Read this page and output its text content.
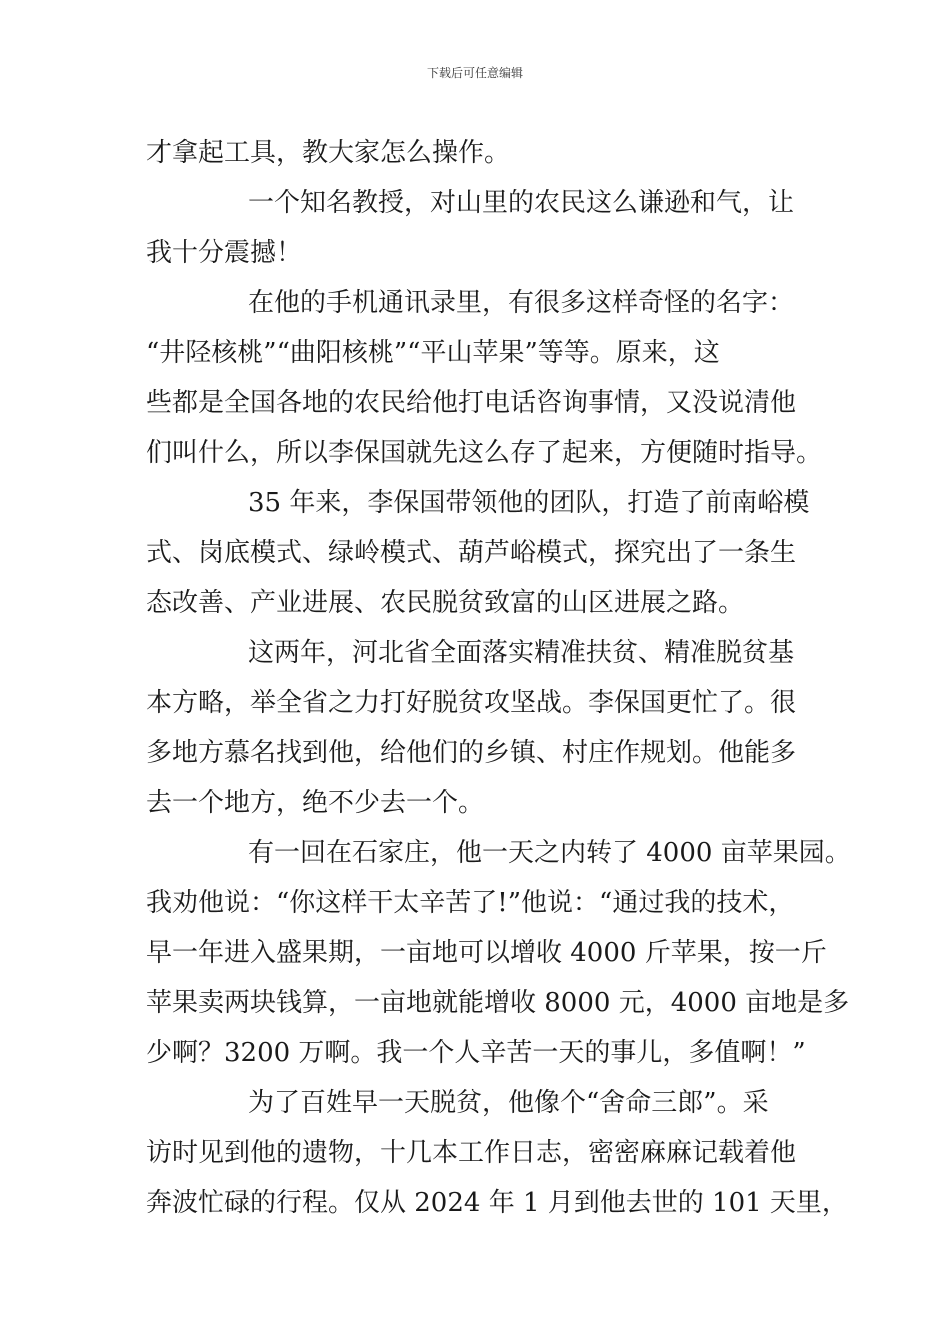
下载后可任意编辑
才拿起工具，教大家怎么操作。
一个知名教授，对山里的农民这么谦逊和气，让
我十分震撼！
在他的手机通讯录里，有很多这样奇怪的名字：
“井陉核桃”“曲阳核桃”“平山苹果”等等。原来，这
些都是全国各地的农民给他打电话咨询事情，又没说清他
们叫什么，所以李保国就先这么存了起来，方便随时指导。
35 年来，李保国带领他的团队，打造了前南峪模
式、岗底模式、绿岭模式、葫芦峪模式，探究出了一条生
态改善、产业进展、农民脱贫致富的山区进展之路。
这两年，河北省全面落实精准扶贫、精准脱贫基
本方略，举全省之力打好脱贫攻坚战。李保国更忙了。很
多地方慕名找到他，给他们的乡镇、村庄作规划。他能多
去一个地方，绝不少去一个。
有一回在石家庄，他一天之内转了 4000 亩苹果园。
我劝他说：“你这样干太辛苦了!”他说：“通过我的技术，
早一年进入盛果期，一亩地可以增收 4000 斤苹果，按一斤
苹果卖两块钱算，一亩地就能增收 8000 元，4000 亩地是多
少啊？3200 万啊。我一个人辛苦一天的事儿，多值啊！”
为了百姓早一天脱贫，他像个“舍命三郎”。采
访时见到他的遗物，十几本工作日志，密密麻麻记载着他
奔波忙碌的行程。仅从 2024 年 1 月到他去世的 101 天里，
